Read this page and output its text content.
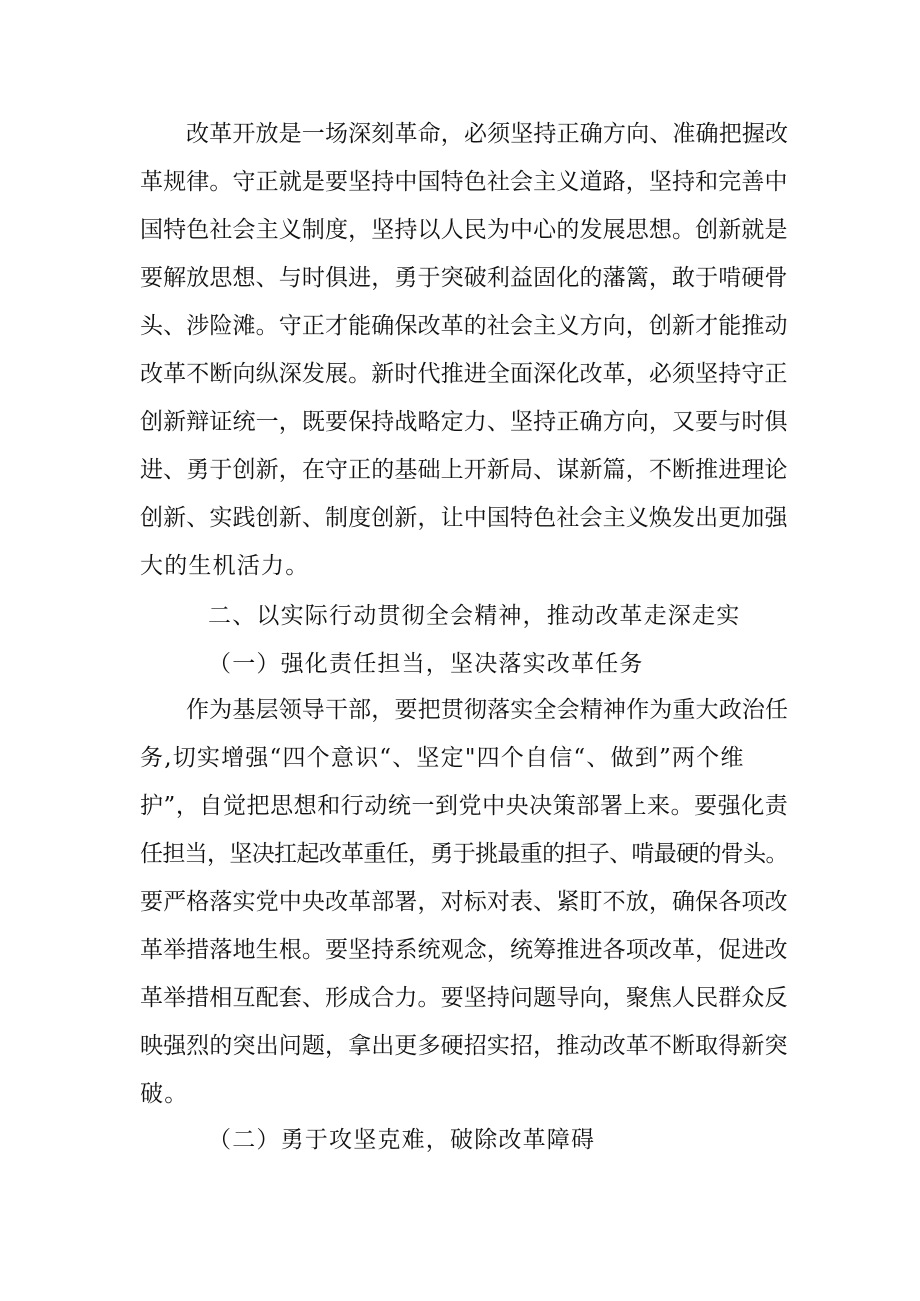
改革开放是一场深刻革命，必须坚持正确方向、准确把握改
革规律。守正就是要坚持中国特色社会主义道路，坚持和完善中
国特色社会主义制度，坚持以人民为中心的发展思想。创新就是
要解放思想、与时俱进，勇于突破利益固化的藩篱，敢于啃硬骨
头、涉险滩。守正才能确保改革的社会主义方向，创新才能推动
改革不断向纵深发展。新时代推进全面深化改革，必须坚持守正
创新辩证统一，既要保持战略定力、坚持正确方向，又要与时俱
进、勇于创新，在守正的基础上开新局、谋新篇，不断推进理论
创新、实践创新、制度创新，让中国特色社会主义焕发出更加强
大的生机活力。
二、以实际行动贯彻全会精神，推动改革走深走实
（一）强化责任担当，坚决落实改革任务
作为基层领导干部，要把贯彻落实全会精神作为重大政治任
务,切实增强“四个意识“、坚定"四个自信“、做到”两个维
护”，自觉把思想和行动统一到党中央决策部署上来。要强化责
任担当，坚决扛起改革重任，勇于挑最重的担子、啃最硬的骨头。
要严格落实党中央改革部署，对标对表、紧盯不放，确保各项改
革举措落地生根。要坚持系统观念，统筹推进各项改革，促进改
革举措相互配套、形成合力。要坚持问题导向，聚焦人民群众反
映强烈的突出问题，拿出更多硬招实招，推动改革不断取得新突
破。
（二）勇于攻坚克难，破除改革障碍
